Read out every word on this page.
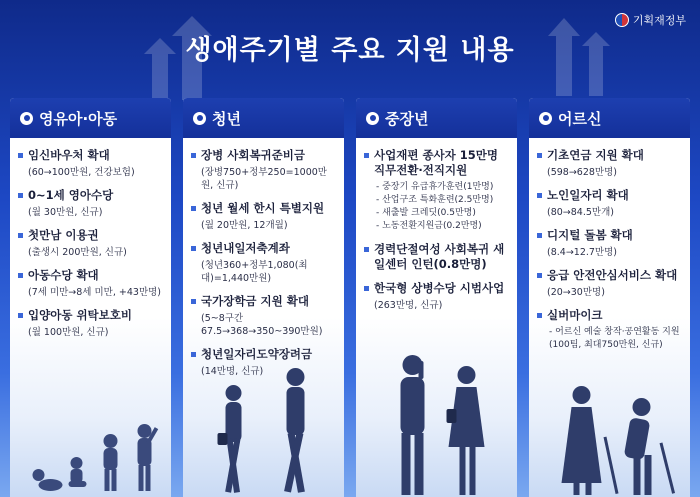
기획재정부
생애주기별 주요 지원 내용
영유아·아동
임신바우처 확대
(60→100만원, 건강보험)
0~1세 영아수당
(월 30만원, 신규)
첫만남 이용권
(출생시 200만원, 신규)
아동수당 확대
(7세 미만→8세 미만, +43만명)
입양아동 위탁보호비
(월 100만원, 신규)
청년
장병 사회복귀준비금
(장병750+정부250=1000만원, 신규)
청년 월세 한시 특별지원
(월 20만원, 12개월)
청년내일저축계좌
(청년360+정부1,080(최대)=1,440만원)
국가장학금 지원 확대
(5~8구간 67.5→368→350~390만원)
청년일자리도약장려금
(14만명, 신규)
중장년
사업재편 종사자 15만명 직무전환·전직지원
- 중장기 유급휴가훈련(1만명)
- 산업구조 특화훈련(2.5만명)
- 새출발 크레딧(0.5만명)
- 노동전환지원금(0.2만명)
경력단절여성 사회복귀 새일센터 인턴(0.8만명)
한국형 상병수당 시범사업
(263만명, 신규)
어르신
기초연금 지원 확대
(598→628만명)
노인일자리 확대
(80→84.5만개)
디지털 돌봄 확대
(8.4→12.7만명)
응급 안전안심서비스 확대
(20→30만명)
실버마이크
- 어르신 예술 창작·공연활동 지원
(100팀, 최대750만원, 신규)
